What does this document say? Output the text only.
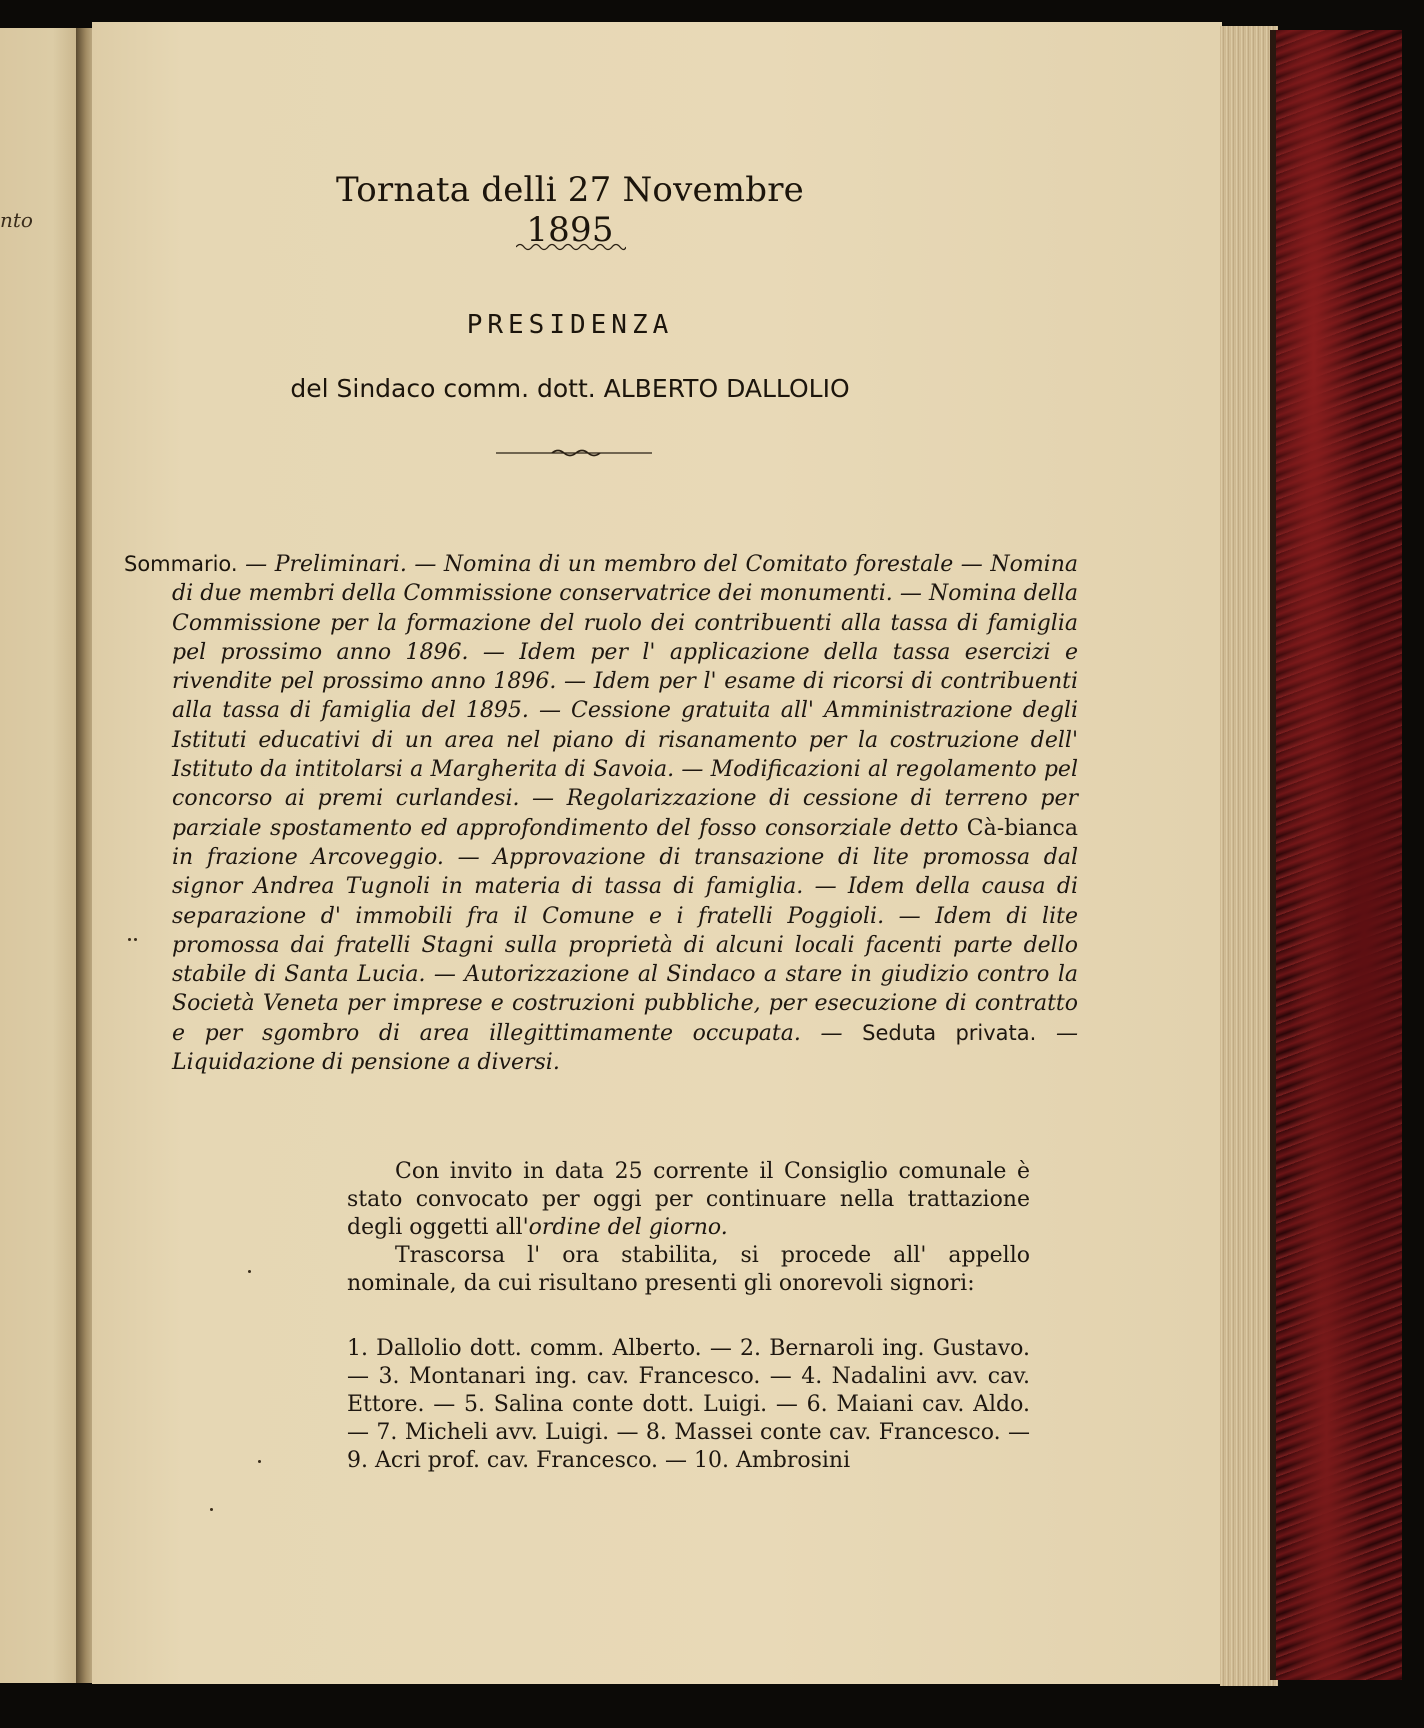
nto
Tornata delli 27 Novembre 1895
PRESIDENZA
del Sindaco comm. dott. ALBERTO DALLOLIO
Sommario. — Preliminari. — Nomina di un membro del Comitato forestale — Nomina di due membri della Commissione conservatrice dei monumenti. — Nomina della Commissione per la formazione del ruolo dei contribuenti alla tassa di famiglia pel prossimo anno 1896. — Idem per l' applicazione della tassa esercizi e rivendite pel prossimo anno 1896. — Idem per l' esame di ricorsi di contribuenti alla tassa di famiglia del 1895. — Cessione gratuita all' Amministrazione degli Istituti educativi di un area nel piano di risanamento per la costruzione dell' Istituto da intitolarsi a Margherita di Savoia. — Modificazioni al regolamento pel concorso ai premi curlandesi. — Regolarizzazione di cessione di terreno per parziale spostamento ed approfondimento del fosso consorziale detto Cà-bianca in frazione Arcoveggio. — Approvazione di transazione di lite promossa dal signor Andrea Tugnoli in materia di tassa di famiglia. — Idem della causa di separazione d' immobili fra il Comune e i fratelli Poggioli. — Idem di lite promossa dai fratelli Stagni sulla proprietà di alcuni locali facenti parte dello stabile di Santa Lucia. — Autorizzazione al Sindaco a stare in giudizio contro la Società Veneta per imprese e costruzioni pubbliche, per esecuzione di contratto e per sgombro di area illegittimamente occupata. — Seduta privata. — Liquidazione di pensione a diversi.
Con invito in data 25 corrente il Consiglio comunale è stato convocato per oggi per continuare nella trattazione degli oggetti all'ordine del giorno.
Trascorsa l' ora stabilita, si procede all' appello nominale, da cui risultano presenti gli onorevoli signori:
1. Dallolio dott. comm. Alberto. — 2. Bernaroli ing. Gustavo. — 3. Montanari ing. cav. Francesco. — 4. Nadalini avv. cav. Ettore. — 5. Salina conte dott. Luigi. — 6. Maiani cav. Aldo. — 7. Micheli avv. Luigi. — 8. Massei conte cav. Francesco. — 9. Acri prof. cav. Francesco. — 10. Ambrosini
